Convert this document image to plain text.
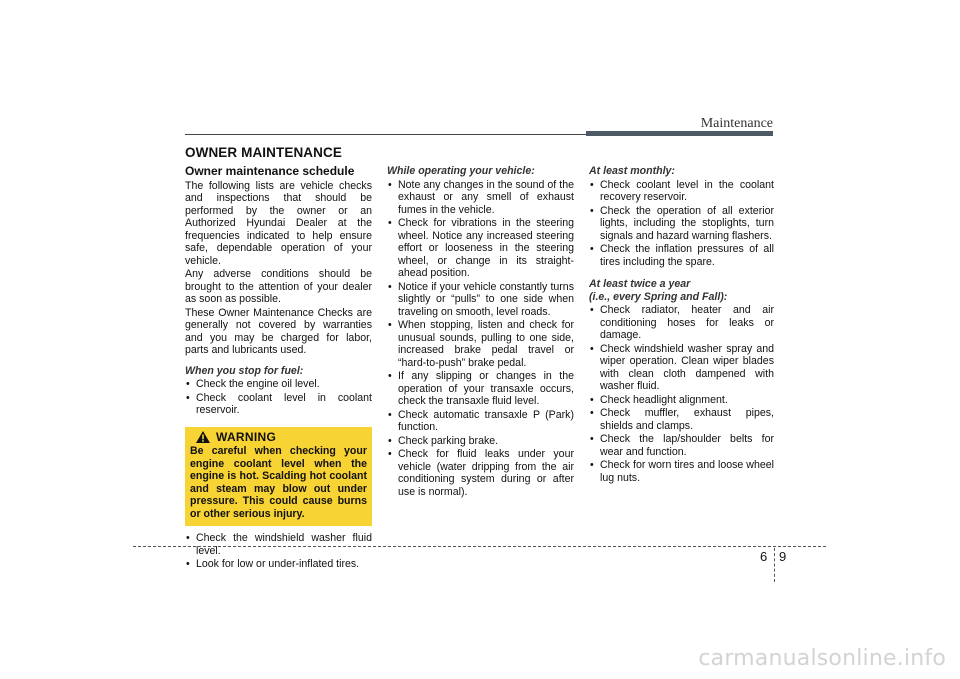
Maintenance
OWNER MAINTENANCE
Owner maintenance schedule

The following lists are vehicle checks and inspections that should be performed by the owner or an Authorized Hyundai Dealer at the frequencies indicated to help ensure safe, dependable operation of your vehicle.

Any adverse conditions should be brought to the attention of your dealer as soon as possible.

These Owner Maintenance Checks are generally not covered by warranties and you may be charged for labor, parts and lubricants used.

When you stop for fuel:
• Check the engine oil level.
• Check coolant level in coolant reservoir.
WARNING
Be careful when checking your engine coolant level when the engine is hot. Scalding hot coolant and steam may blow out under pressure. This could cause burns or other serious injury.
• Check the windshield washer fluid level.
• Look for low or under-inflated tires.
While operating your vehicle:
• Note any changes in the sound of the exhaust or any smell of exhaust fumes in the vehicle.
• Check for vibrations in the steering wheel. Notice any increased steering effort or looseness in the steering wheel, or change in its straight-ahead position.
• Notice if your vehicle constantly turns slightly or “pulls” to one side when traveling on smooth, level roads.
• When stopping, listen and check for unusual sounds, pulling to one side, increased brake pedal travel or “hard-to-push” brake pedal.
• If any slipping or changes in the operation of your transaxle occurs, check the transaxle fluid level.
• Check automatic transaxle P (Park) function.
• Check parking brake.
• Check for fluid leaks under your vehicle (water dripping from the air conditioning system during or after use is normal).
At least monthly:
• Check coolant level in the coolant recovery reservoir.
• Check the operation of all exterior lights, including the stoplights, turn signals and hazard warning flashers.
• Check the inflation pressures of all tires including the spare.
At least twice a year
(i.e., every Spring and Fall):
• Check radiator, heater and air conditioning hoses for leaks or damage.
• Check windshield washer spray and wiper operation. Clean wiper blades with clean cloth dampened with washer fluid.
• Check headlight alignment.
• Check muffler, exhaust pipes, shields and clamps.
• Check the lap/shoulder belts for wear and function.
• Check for worn tires and loose wheel lug nuts.
6 9
carmanualsonline.info
